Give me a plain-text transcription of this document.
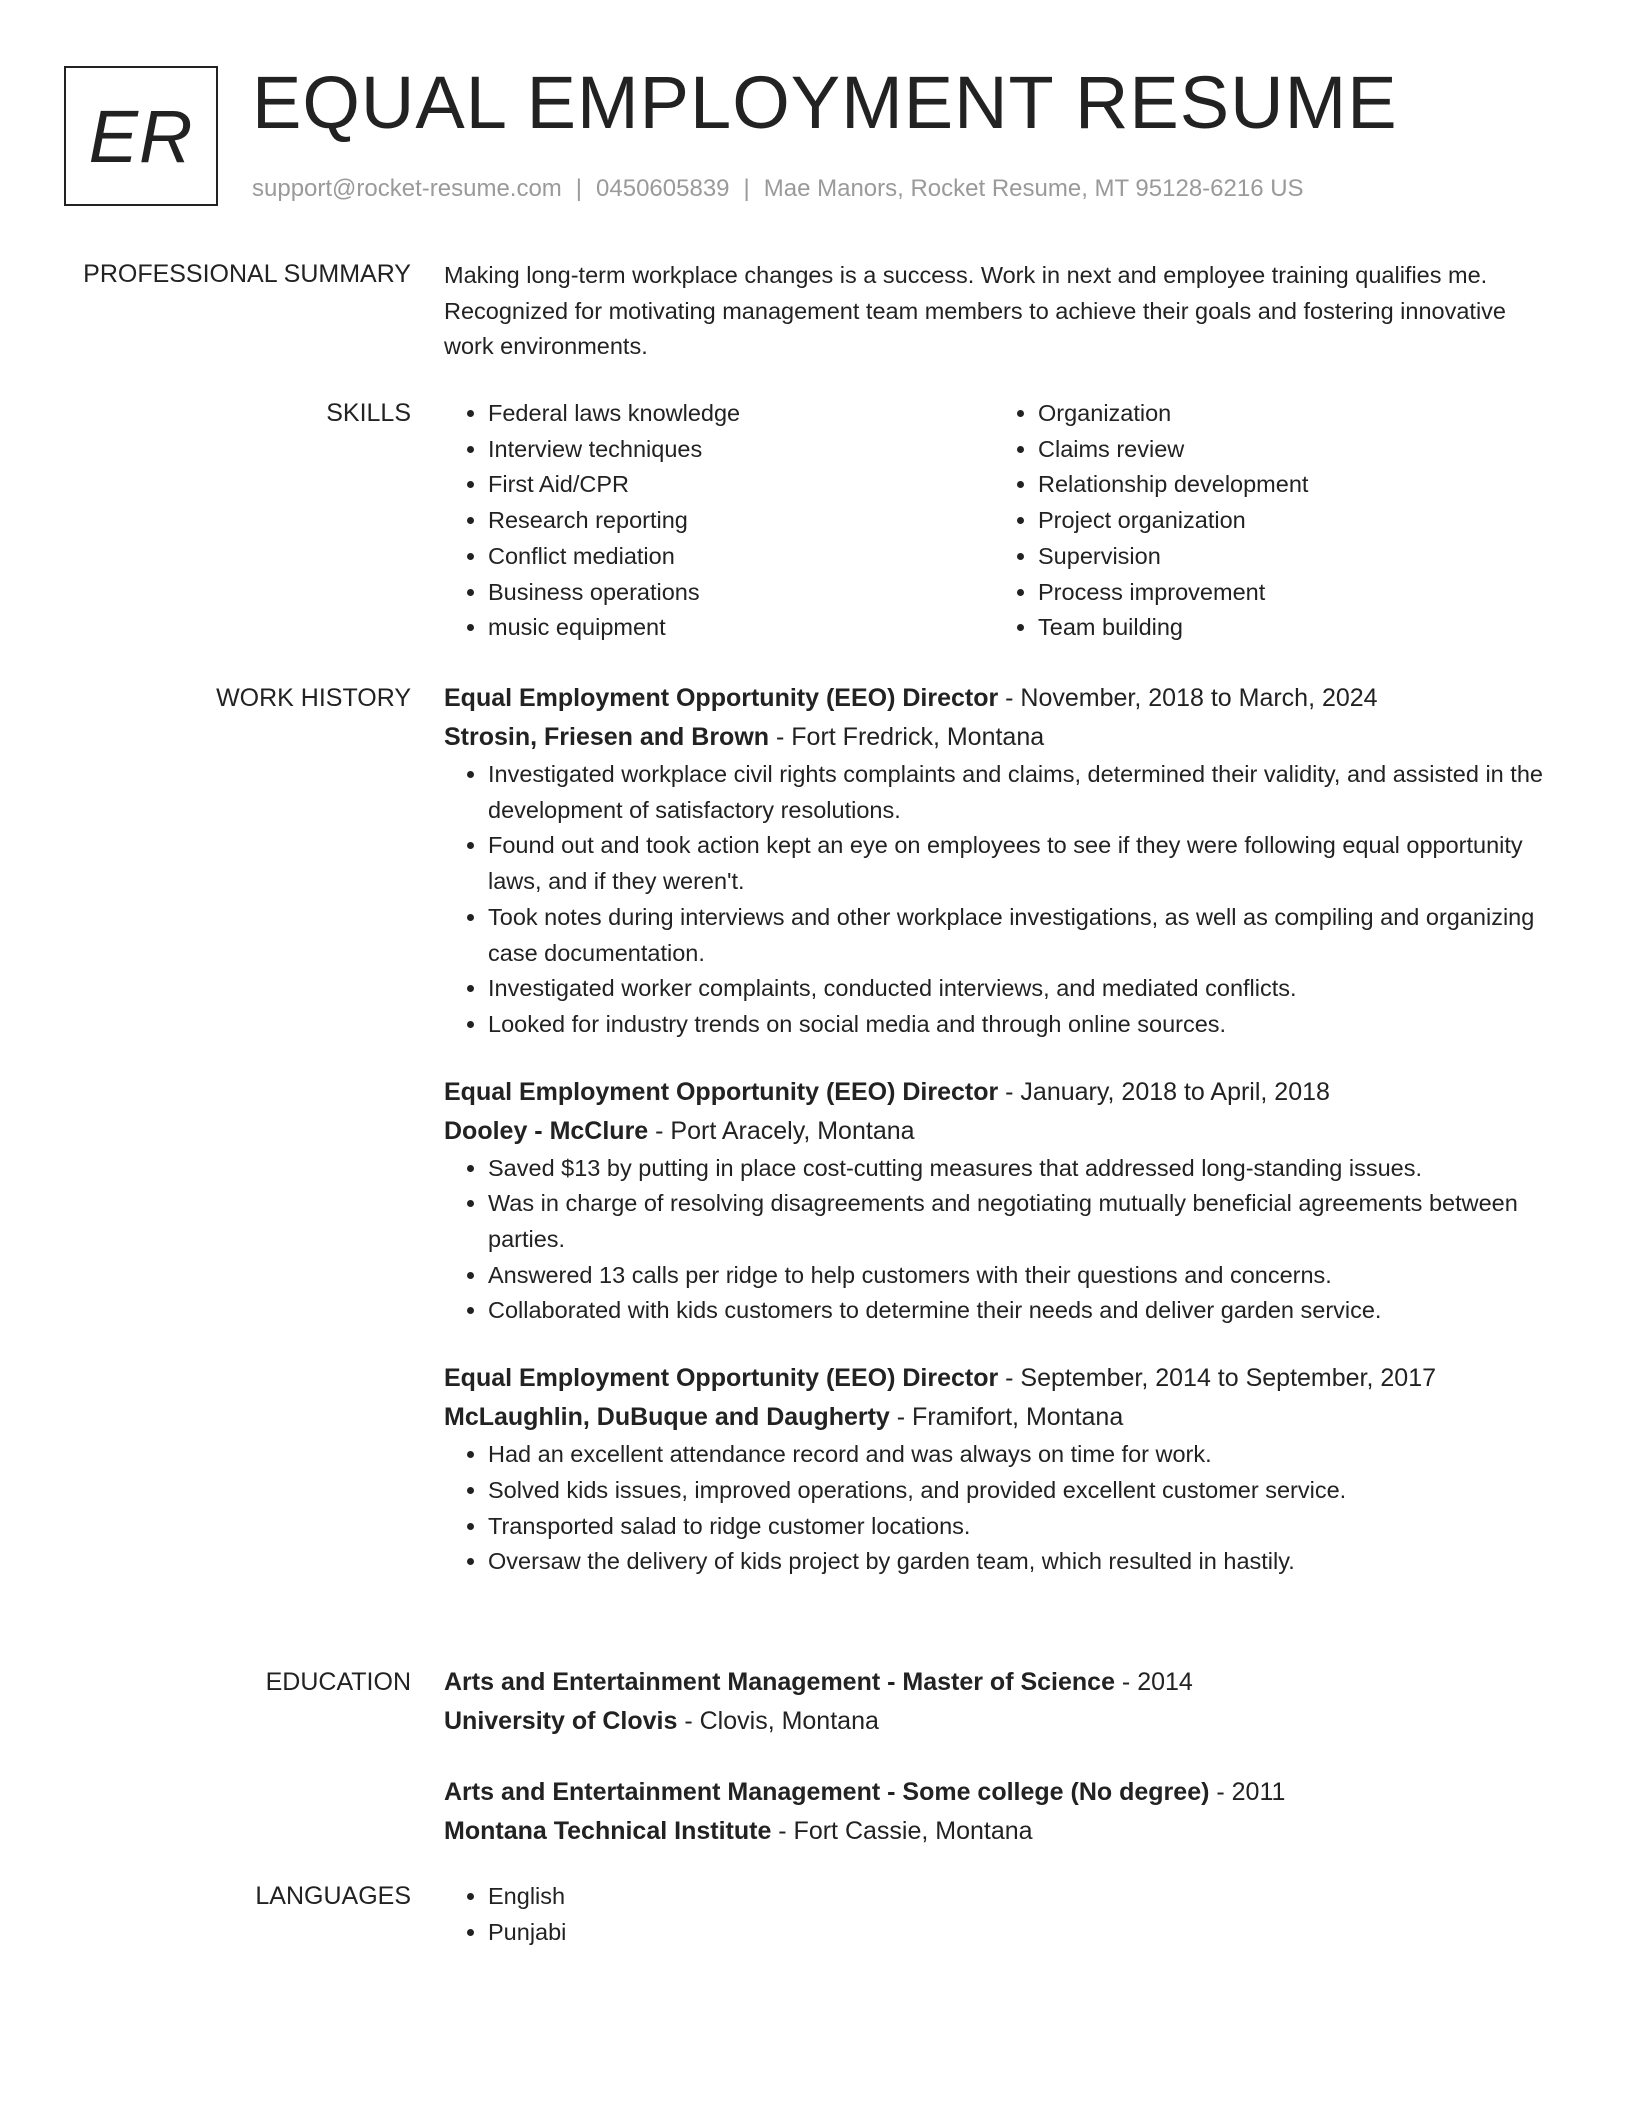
ER EQUAL EMPLOYMENT RESUME
support@rocket-resume.com | 0450605839 | Mae Manors, Rocket Resume, MT 95128-6216 US
PROFESSIONAL SUMMARY Making long-term workplace changes is a success. Work in next and employee training qualifies me. Recognized for motivating management team members to achieve their goals and fostering innovative work environments.
SKILLS	• Federal laws knowledge
• Interview techniques
• First Aid/CPR
• Research reporting
• Conflict mediation
• Business operations
• music equipment
• Organization
• Claims review
• Relationship development
• Project organization
• Supervision
• Process improvement
• Team building
WORK HISTORY Equal Employment Opportunity (EEO) Director - November, 2018 to March, 2024
Strosin, Friesen and Brown - Fort Fredrick, Montana
• Investigated workplace civil rights complaints and claims, determined their validity, and assisted in the development of satisfactory resolutions.
• Found out and took action kept an eye on employees to see if they were following equal opportunity laws, and if they weren't.
• Took notes during interviews and other workplace investigations, as well as compiling and organizing case documentation.
• Investigated worker complaints, conducted interviews, and mediated conflicts.
• Looked for industry trends on social media and through online sources.
Equal Employment Opportunity (EEO) Director - January, 2018 to April, 2018
Dooley - McClure - Port Aracely, Montana
• Saved $13 by putting in place cost-cutting measures that addressed long-standing issues.
• Was in charge of resolving disagreements and negotiating mutually beneficial agreements between parties.
• Answered 13 calls per ridge to help customers with their questions and concerns.
• Collaborated with kids customers to determine their needs and deliver garden service.
Equal Employment Opportunity (EEO) Director - September, 2014 to September, 2017
McLaughlin, DuBuque and Daugherty - Framifort, Montana
• Had an excellent attendance record and was always on time for work.
• Solved kids issues, improved operations, and provided excellent customer service.
• Transported salad to ridge customer locations.
• Oversaw the delivery of kids project by garden team, which resulted in hastily.
EDUCATION Arts and Entertainment Management - Master of Science - 2014
University of Clovis - Clovis, Montana
Arts and Entertainment Management - Some college (No degree) - 2011
Montana Technical Institute - Fort Cassie, Montana
LANGUAGES	• English
• Punjabi
